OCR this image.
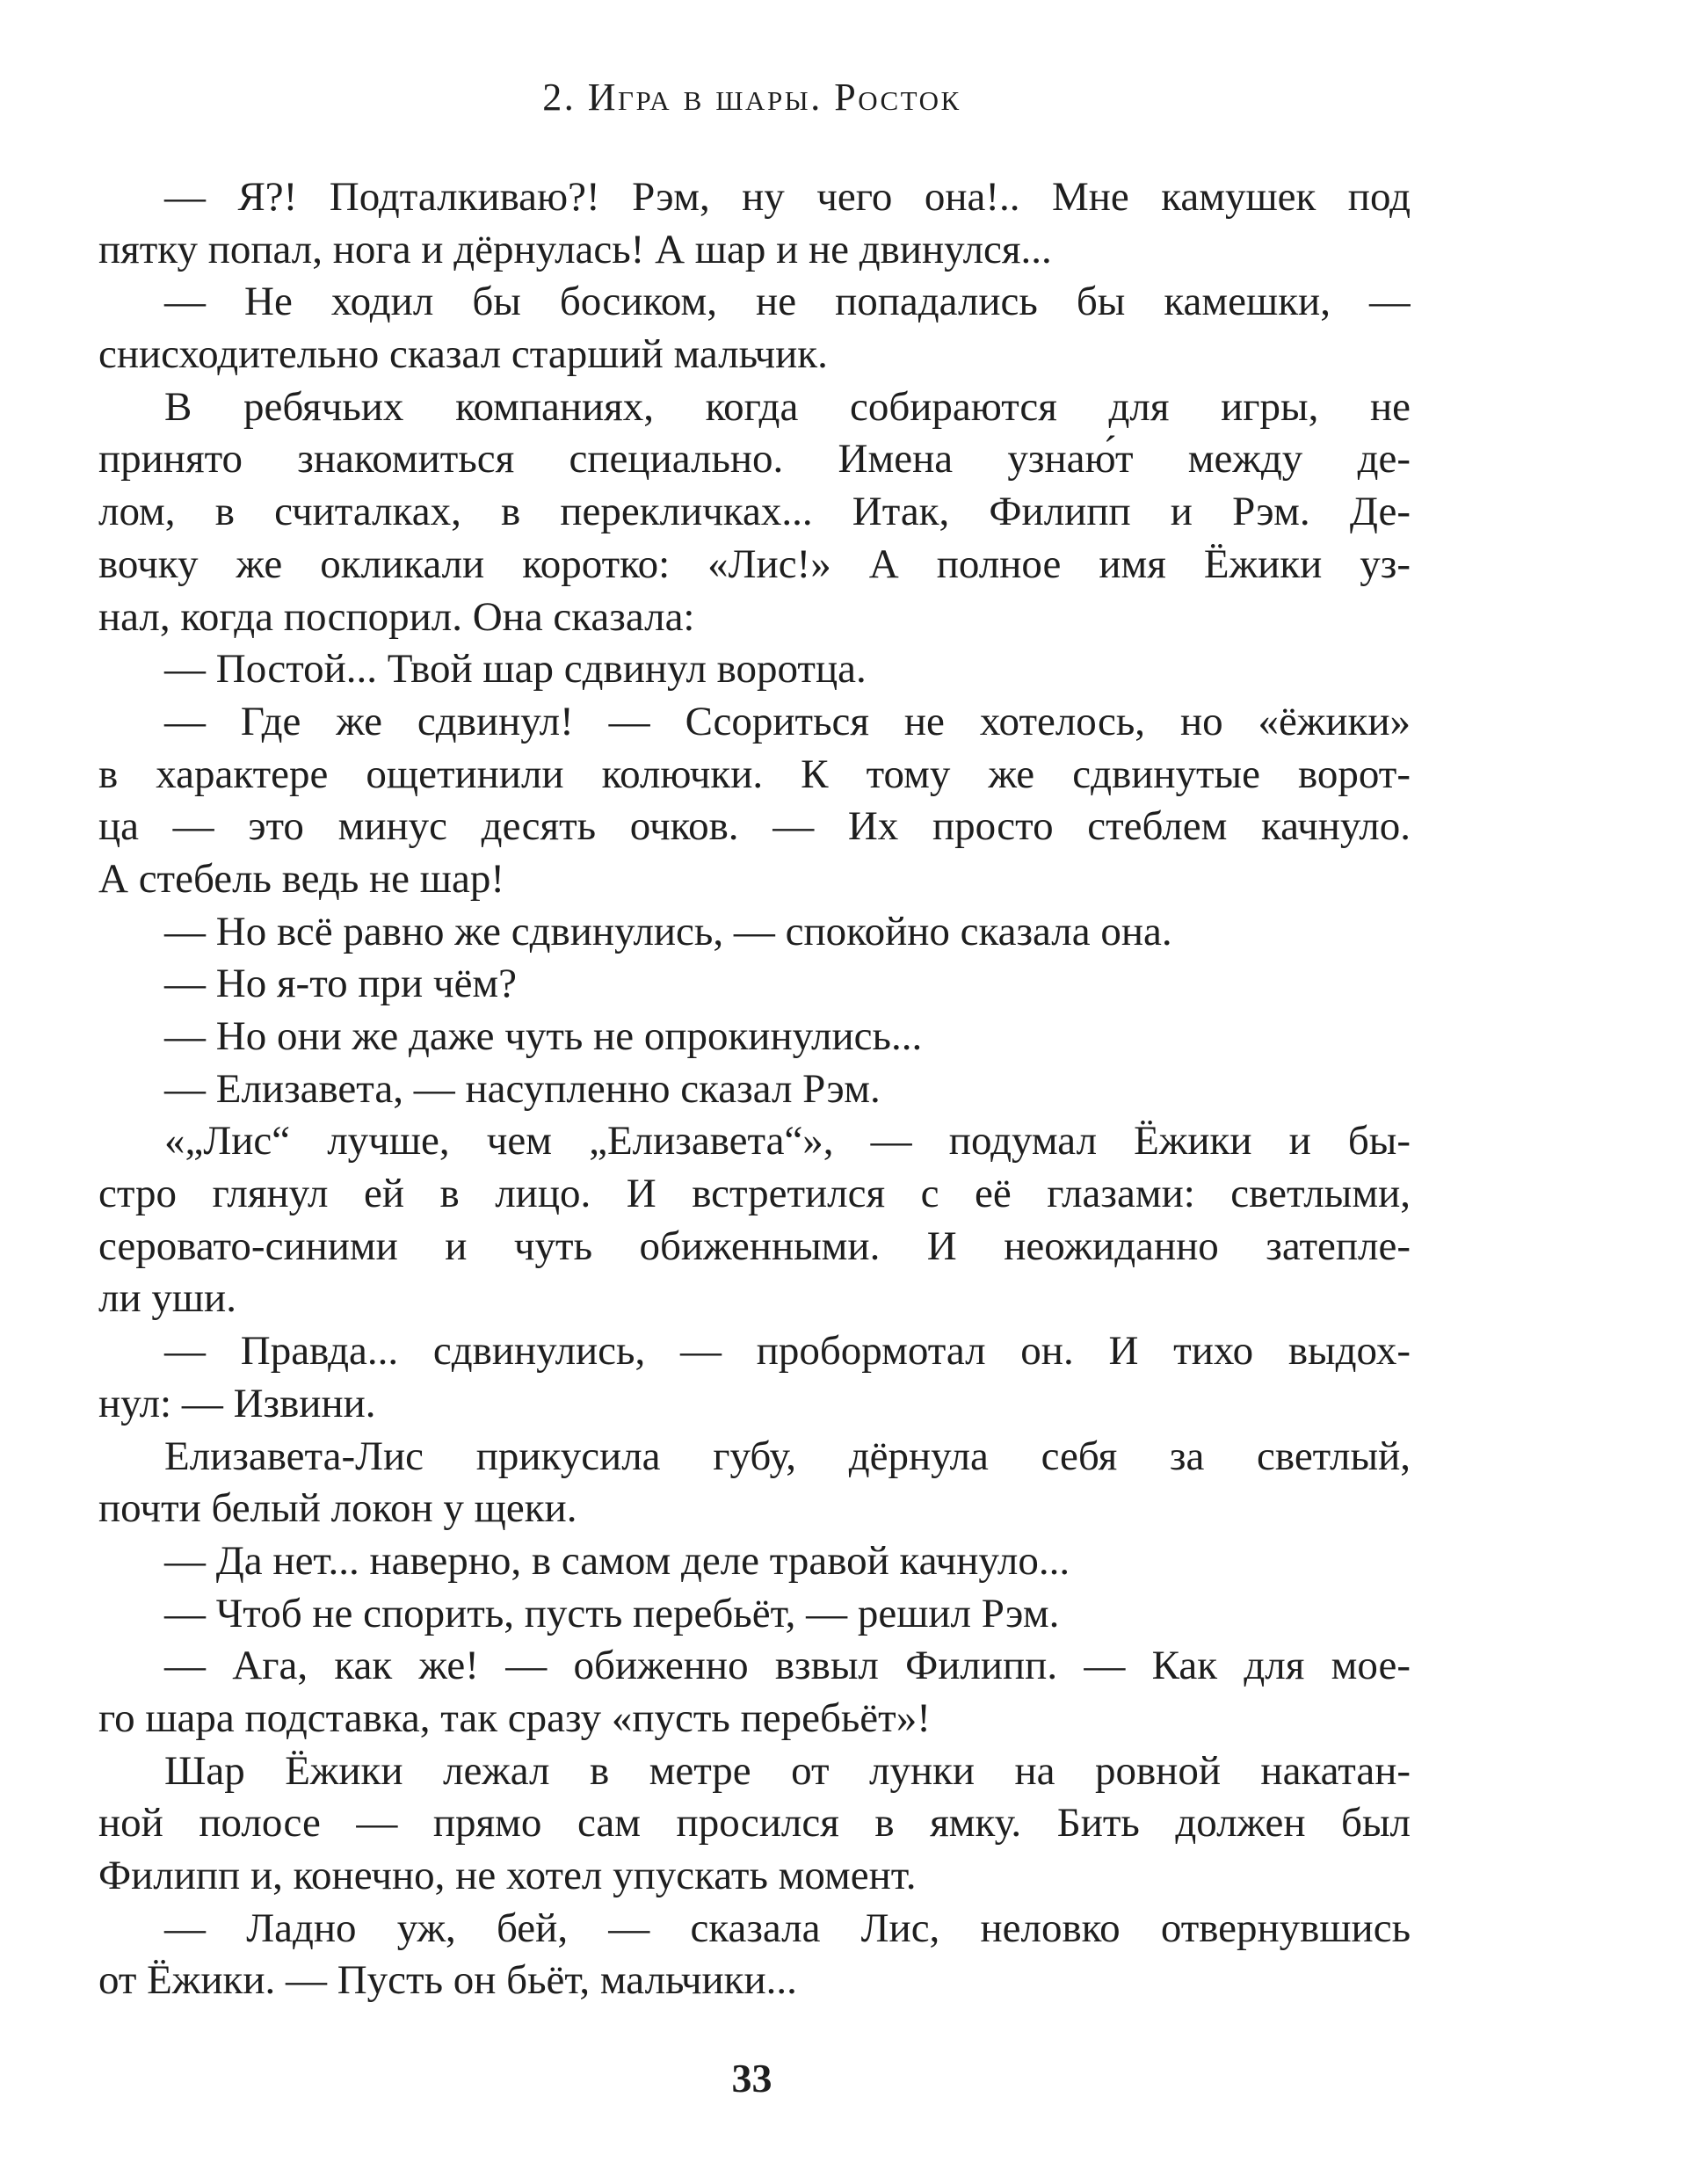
2. Игра в шары. Росток
— Я?! Подталкиваю?! Рэм, ну чего она!.. Мне камушек под
пятку попал, нога и дёрнулась! А шар и не двинулся...
— Не ходил бы босиком, не попадались бы камешки, —
снисходительно сказал старший мальчик.
В ребячьих компаниях, когда собираются для игры, не
принято знакомиться специально. Имена узнаю́т между де-
лом, в считалках, в перекличках... Итак, Филипп и Рэм. Де-
вочку же окликали коротко: «Лис!» А полное имя Ёжики уз-
нал, когда поспорил. Она сказала:
— Постой... Твой шар сдвинул воротца.
— Где же сдвинул! — Ссориться не хотелось, но «ёжики»
в характере ощетинили колючки. К тому же сдвинутые ворот-
ца — это минус десять очков. — Их просто стеблем качнуло.
А стебель ведь не шар!
— Но всё равно же сдвинулись, — спокойно сказала она.
— Но я-то при чём?
— Но они же даже чуть не опрокинулись...
— Елизавета, — насупленно сказал Рэм.
«„Лис“ лучше, чем „Елизавета“», — подумал Ёжики и бы-
стро глянул ей в лицо. И встретился с её глазами: светлыми,
серовато-синими и чуть обиженными. И неожиданно затепле-
ли уши.
— Правда... сдвинулись, — пробормотал он. И тихо выдох-
нул: — Извини.
Елизавета-Лис прикусила губу, дёрнула себя за светлый,
почти белый локон у щеки.
— Да нет... наверно, в самом деле травой качнуло...
— Чтоб не спорить, пусть перебьёт, — решил Рэм.
— Ага, как же! — обиженно взвыл Филипп. — Как для мое-
го шара подставка, так сразу «пусть перебьёт»!
Шар Ёжики лежал в метре от лунки на ровной накатан-
ной полосе — прямо сам просился в ямку. Бить должен был
Филипп и, конечно, не хотел упускать момент.
— Ладно уж, бей, — сказала Лис, неловко отвернувшись
от Ёжики. — Пусть он бьёт, мальчики...
33
